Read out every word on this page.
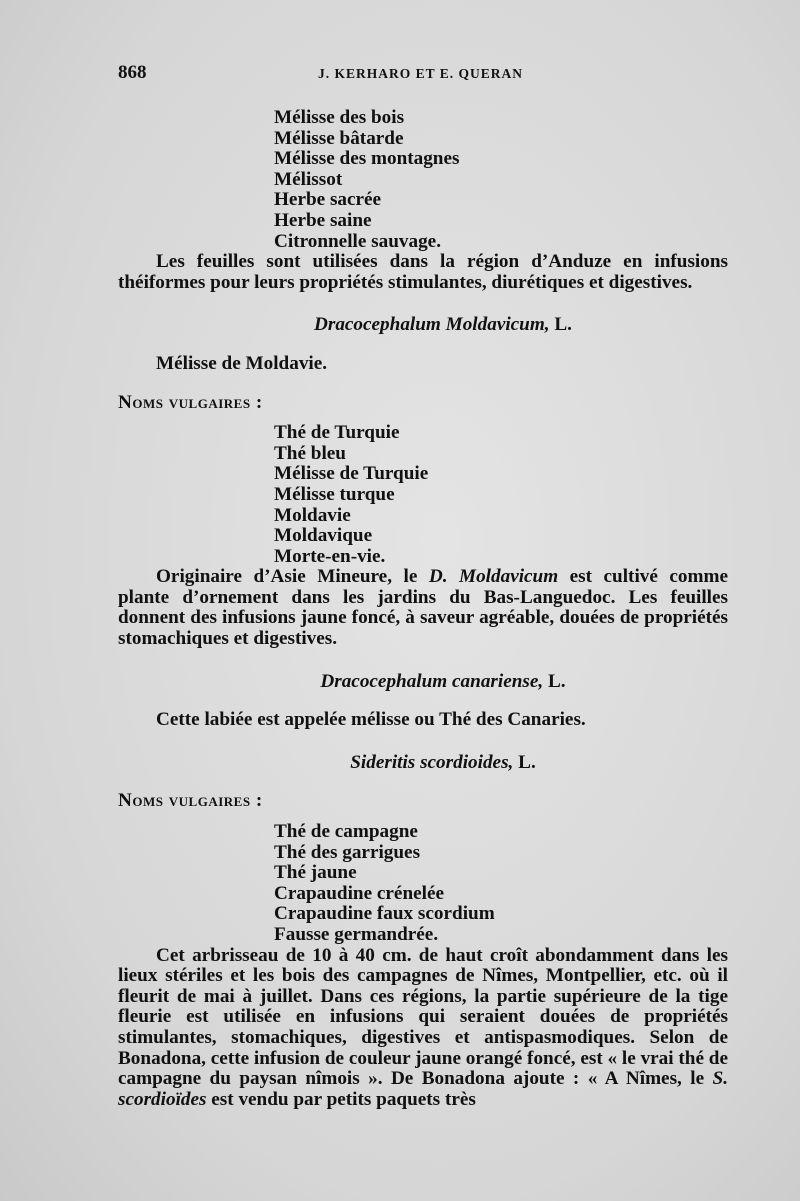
868	J. KERHARO ET E. QUERAN
Mélisse des bois
Mélisse bâtarde
Mélisse des montagnes
Mélissot
Herbe sacrée
Herbe saine
Citronnelle sauvage.

Les feuilles sont utilisées dans la région d’Anduze en infusions théiformes pour leurs propriétés stimulantes, diurétiques et digestives.

Dracocephalum Moldavicum, L.

Mélisse de Moldavie.

Noms vulgaires :

Thé de Turquie
Thé bleu
Mélisse de Turquie
Mélisse turque
Moldavie
Moldavique
Morte-en-vie.

Originaire d’Asie Mineure, le D. Moldavicum est cultivé comme plante d’ornement dans les jardins du Bas-Languedoc. Les feuilles donnent des infusions jaune foncé, à saveur agréable, douées de propriétés stomachiques et digestives.

Dracocephalum canariense, L.

Cette labiée est appelée mélisse ou Thé des Canaries.

Sideritis scordioides, L.

Noms vulgaires :

Thé de campagne
Thé des garrigues
Thé jaune
Crapaudine crénelée
Crapaudine faux scordium
Fausse germandrée.

Cet arbrisseau de 10 à 40 cm. de haut croît abondamment dans les lieux stériles et les bois des campagnes de Nîmes, Montpellier, etc. où il fleurit de mai à juillet. Dans ces régions, la partie supérieure de la tige fleurie est utilisée en infusions qui seraient douées de propriétés stimulantes, stomachiques, digestives et antispasmodiques. Selon de Bonadona, cette infusion de couleur jaune orangé foncé, est « le vrai thé de campagne du paysan nîmois ». De Bonadona ajoute : « A Nîmes, le S. scordioïdes est vendu par petits paquets très
